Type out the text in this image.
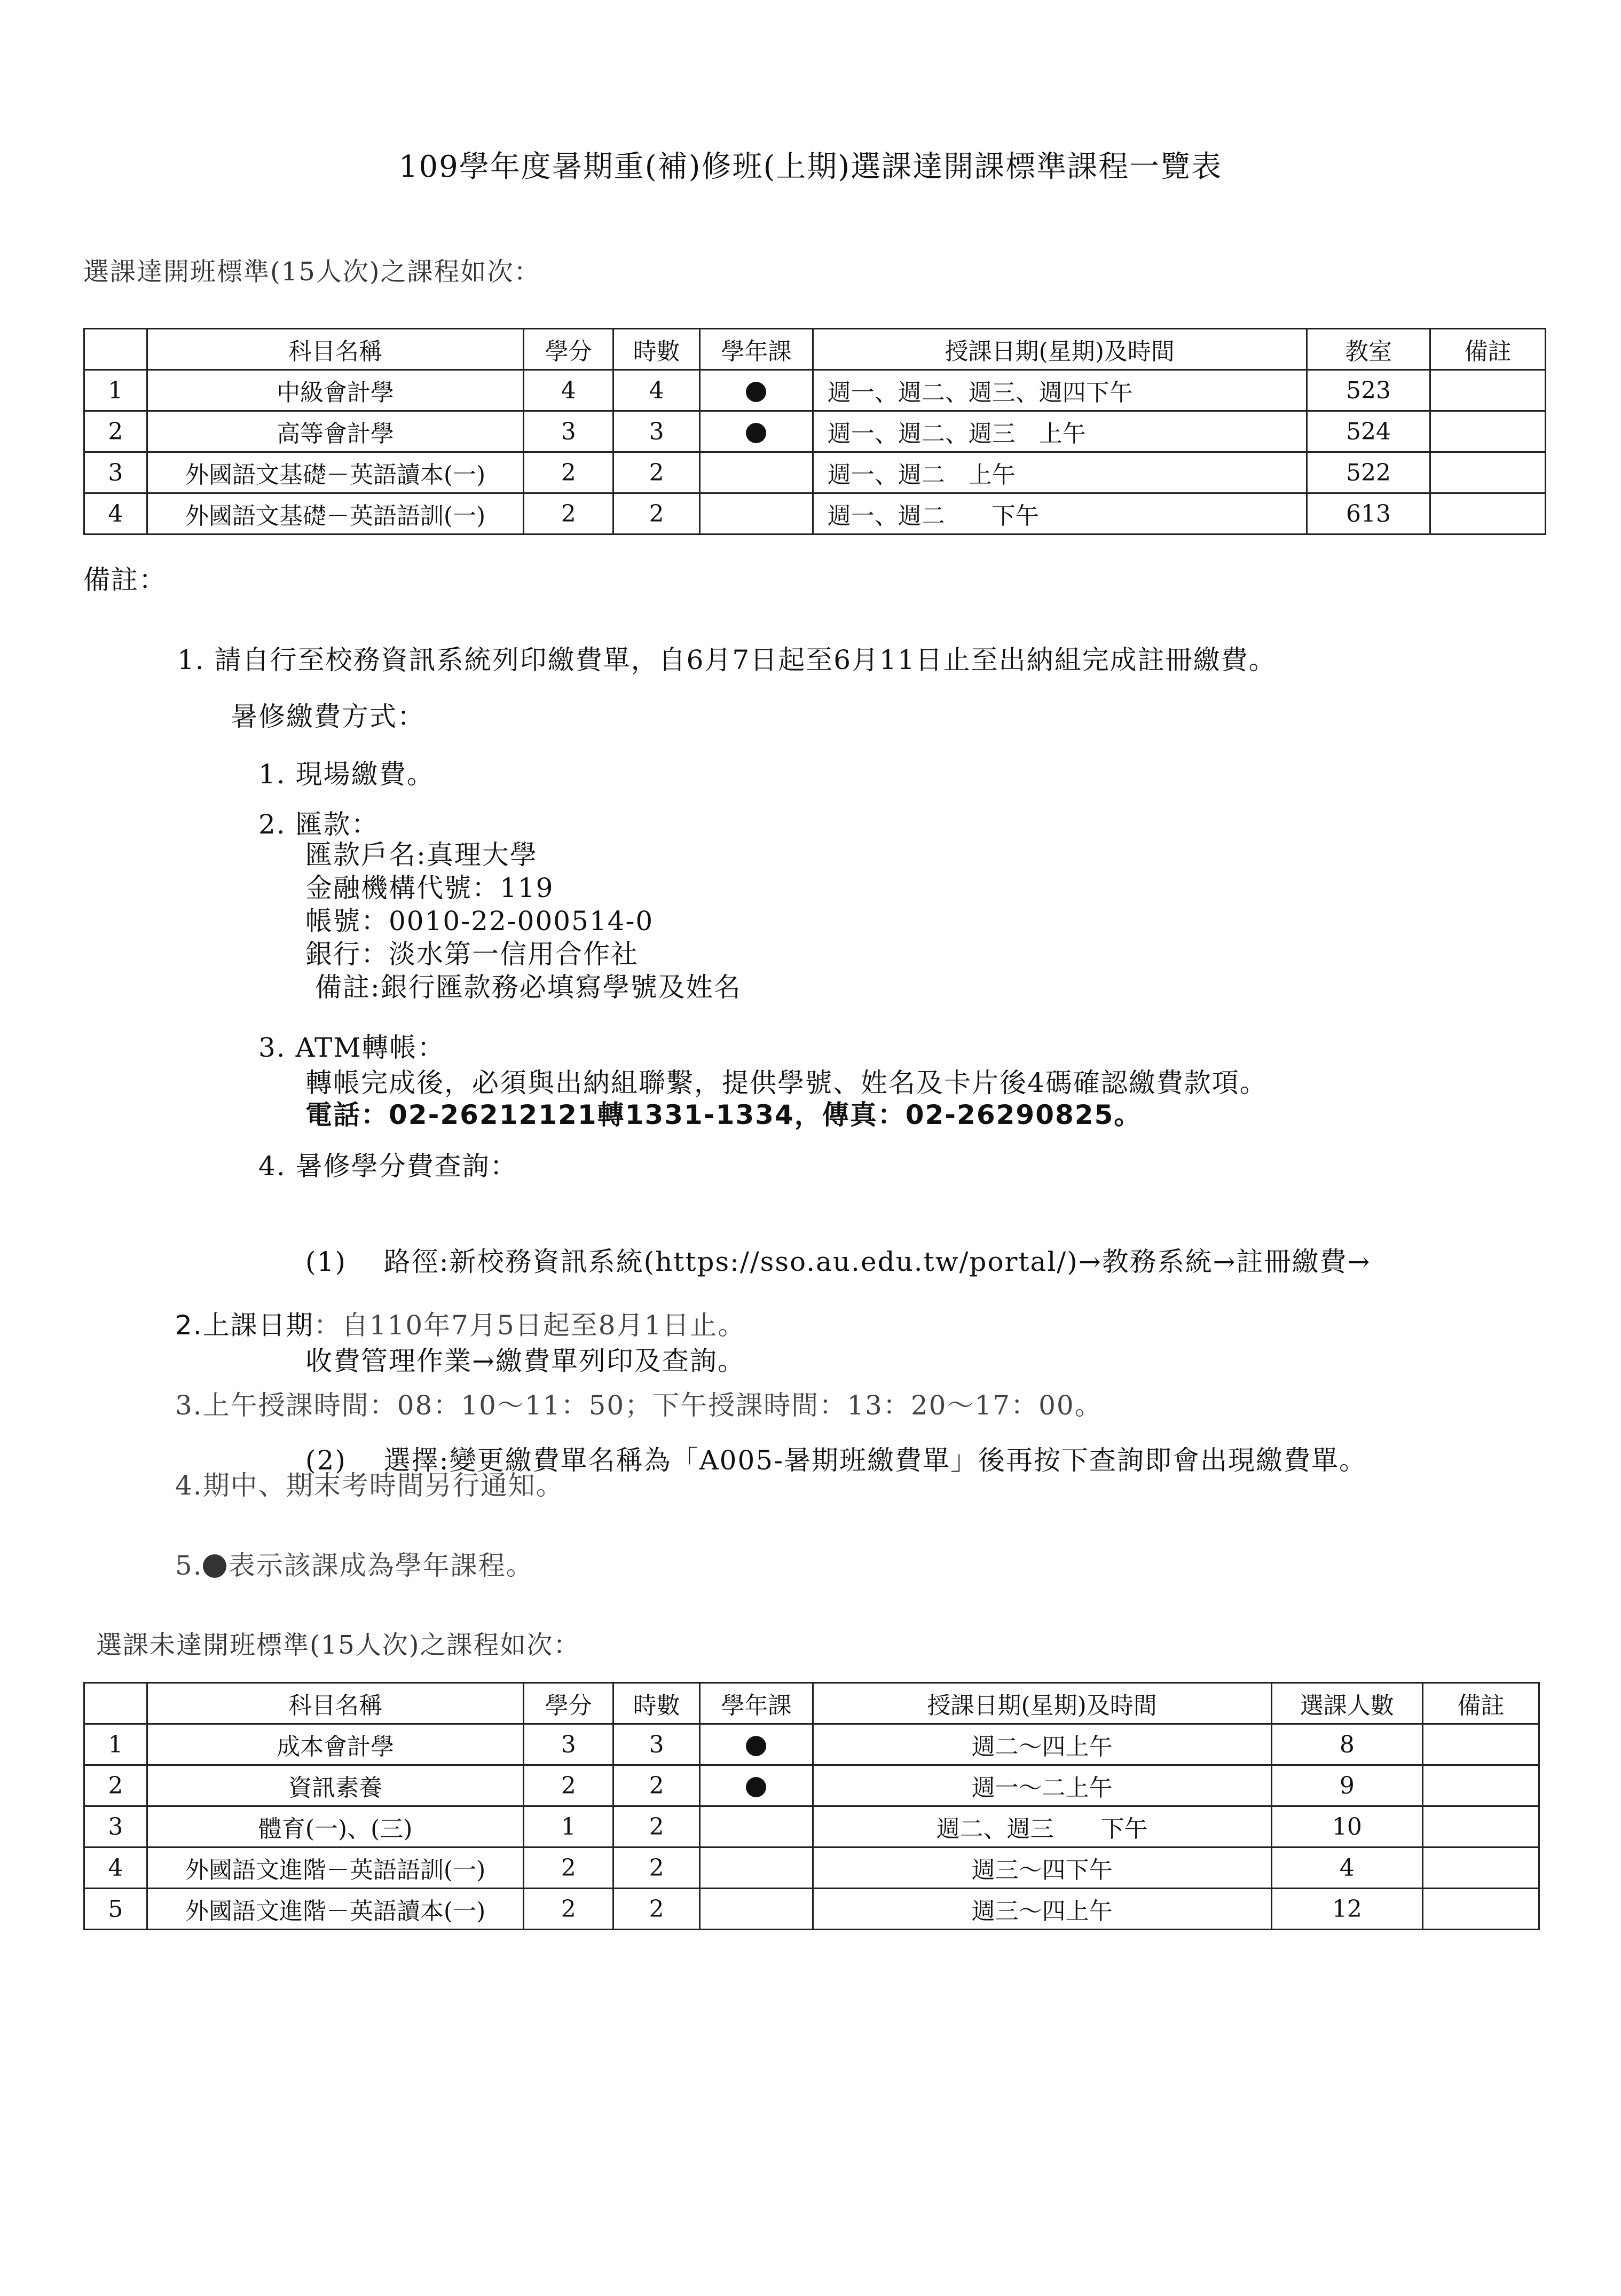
109學年度暑期重(補)修班(上期)選課達開課標準課程一覽表
選課達開班標準(15人次)之課程如次：
	科目名稱	學分	時數	學年課	授課日期(星期)及時間	教室	備註
1	中級會計學	4	4		週一、週二、週三、週四下午	523	
2	高等會計學	3	3		週一、週二、週三　上午	524	
3	外國語文基礎－英語讀本(一)	2	2		週一、週二　上午	522	
4	外國語文基礎－英語語訓(一)	2	2		週一、週二　　下午	613	
備註：
1. 請自行至校務資訊系統列印繳費單，自6月7日起至6月11日止至出納組完成註冊繳費。
暑修繳費方式：
1. 現場繳費。
2. 匯款：
匯款戶名:真理大學
金融機構代號：119
帳號：0010-22-000514-0
銀行：淡水第一信用合作社
備註:銀行匯款務必填寫學號及姓名
3. ATM轉帳：
轉帳完成後，必須與出納組聯繫，提供學號、姓名及卡片後4碼確認繳費款項。
電話：02-26212121轉1331-1334，傳真：02-26290825。
4. 暑修學分費查詢：

(1)　 路徑:新校務資訊系統(https://sso.au.edu.tw/portal/)→教務系統→註冊繳費→

收費管理作業→繳費單列印及查詢。

(2)　 選擇:變更繳費單名稱為「A005-暑期班繳費單」後再按下查詢即會出現繳費單。

2.上課日期：自110年7月5日起至8月1日止。
3.上午授課時間：08：10～11：50；下午授課時間：13：20～17：00。
4.期中、期末考時間另行通知。
5. 表示該課成為學年課程。
選課未達開班標準(15人次)之課程如次：
	科目名稱	學分	時數	學年課	授課日期(星期)及時間	選課人數	備註
1	成本會計學	3	3		週二～四上午	8	
2	資訊素養	2	2		週一～二上午	9	
3	體育(一)、(三)	1	2		週二、週三　　下午	10	
4	外國語文進階－英語語訓(一)	2	2		週三～四下午	4	
5	外國語文進階－英語讀本(一)	2	2		週三～四上午	12	
